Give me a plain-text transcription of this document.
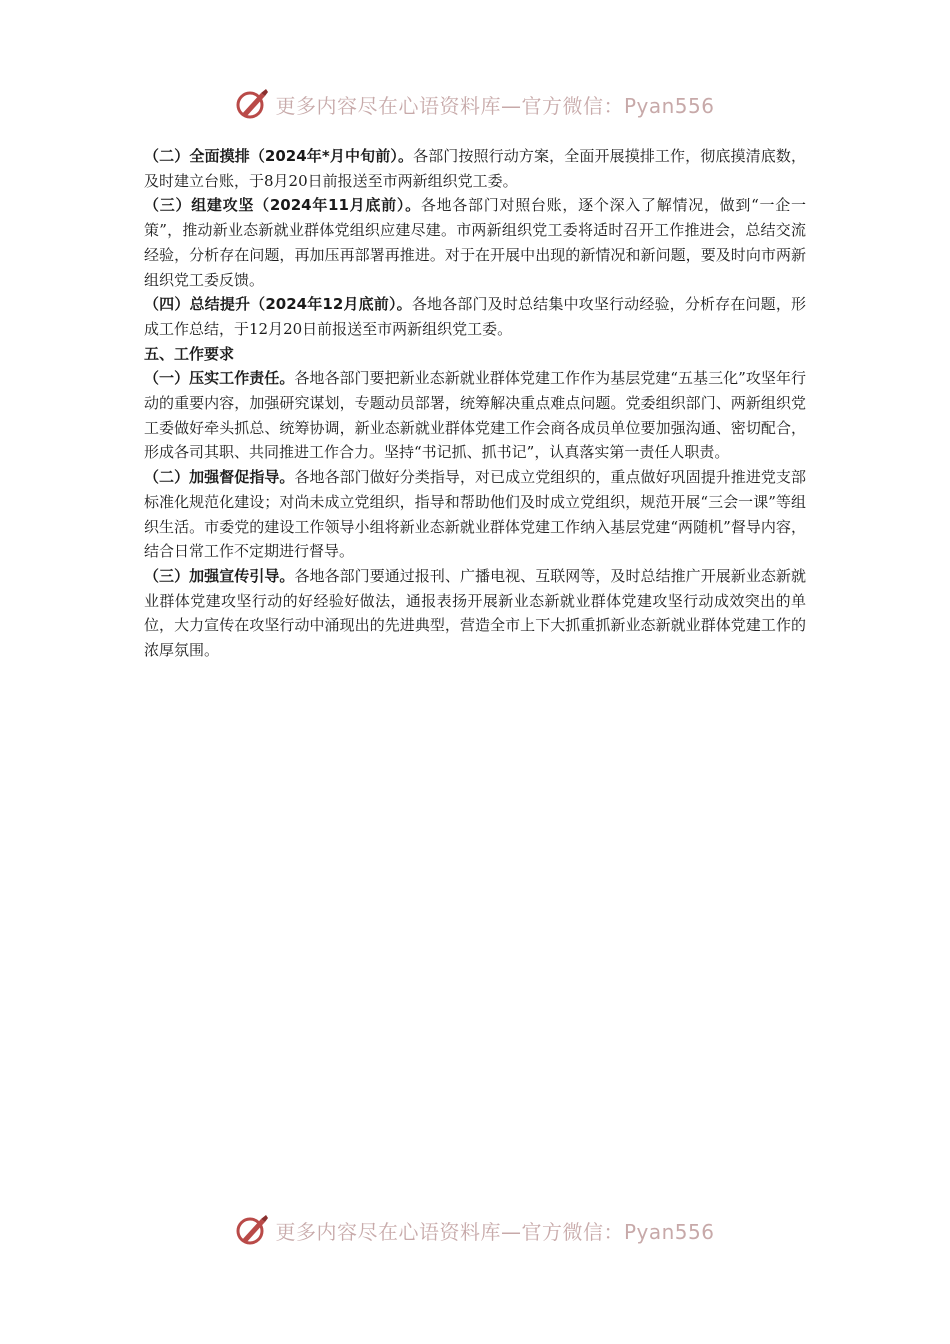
更多内容尽在心语资料库—官方微信：Pyan556

（二）全面摸排（2024年*月中旬前）。各部门按照行动方案，全面开展摸排工作，彻底摸清底数，及时建立台账，于8月20日前报送至市两新组织党工委。

（三）组建攻坚（2024年11月底前）。各地各部门对照台账，逐个深入了解情况，做到“一企一策”，推动新业态新就业群体党组织应建尽建。市两新组织党工委将适时召开工作推进会，总结交流经验，分析存在问题，再加压再部署再推进。对于在开展中出现的新情况和新问题，要及时向市两新组织党工委反馈。

（四）总结提升（2024年12月底前）。各地各部门及时总结集中攻坚行动经验，分析存在问题，形成工作总结，于12月20日前报送至市两新组织党工委。

五、工作要求

（一）压实工作责任。各地各部门要把新业态新就业群体党建工作作为基层党建“五基三化”攻坚年行动的重要内容，加强研究谋划，专题动员部署，统筹解决重点难点问题。党委组织部门、两新组织党工委做好牵头抓总、统筹协调，新业态新就业群体党建工作会商各成员单位要加强沟通、密切配合，形成各司其职、共同推进工作合力。坚持“书记抓、抓书记”，认真落实第一责任人职责。

（二）加强督促指导。各地各部门做好分类指导，对已成立党组织的，重点做好巩固提升推进党支部标准化规范化建设；对尚未成立党组织，指导和帮助他们及时成立党组织，规范开展“三会一课”等组织生活。市委党的建设工作领导小组将新业态新就业群体党建工作纳入基层党建“两随机”督导内容，结合日常工作不定期进行督导。

（三）加强宣传引导。各地各部门要通过报刊、广播电视、互联网等，及时总结推广开展新业态新就业群体党建攻坚行动的好经验好做法，通报表扬开展新业态新就业群体党建攻坚行动成效突出的单位，大力宣传在攻坚行动中涌现出的先进典型，营造全市上下大抓重抓新业态新就业群体党建工作的浓厚氛围。

更多内容尽在心语资料库—官方微信：Pyan556
